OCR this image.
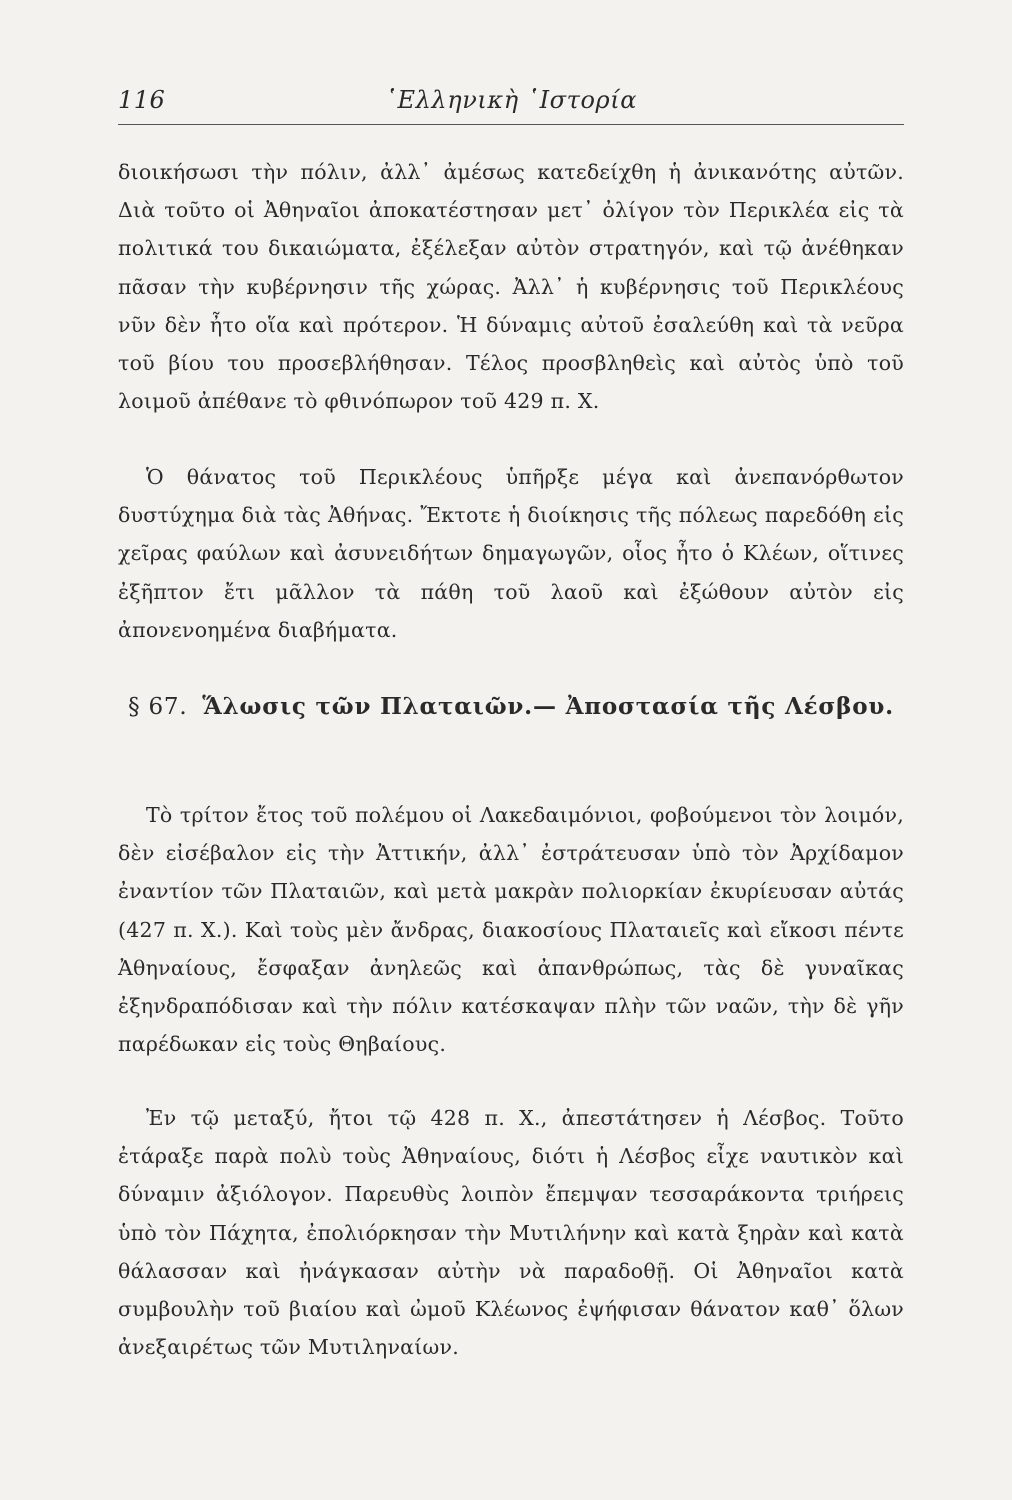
116	῾Ελληνικὴ ῾Ιστορία

διοικήσωσι τὴν πόλιν, ἀλλ᾽ ἀμέσως κατεδείχθη ἡ ἀνικανότης αὐτῶν. Διὰ τοῦτο οἱ Ἀθηναῖοι ἀποκατέστησαν μετ᾽ ὀλίγον τὸν Περικλέα εἰς τὰ πολιτικά του δικαιώματα, ἐξέλεξαν αὐτὸν στρατηγόν, καὶ τῷ ἀνέθηκαν πᾶσαν τὴν κυβέρνησιν τῆς χώρας. Ἀλλ᾽ ἡ κυβέρνησις τοῦ Περικλέους νῦν δὲν ἦτο οἵα καὶ πρότερον. Ἡ δύναμις αὐτοῦ ἐσαλεύθη καὶ τὰ νεῦρα τοῦ βίου του προσεβλήθησαν. Τέλος προσβληθεὶς καὶ αὐτὸς ὑπὸ τοῦ λοιμοῦ ἀπέθανε τὸ φθινόπωρον τοῦ 429 π. Χ.

Ὁ θάνατος τοῦ Περικλέους ὑπῆρξε μέγα καὶ ἀνεπανόρθωτον δυστύχημα διὰ τὰς Ἀθήνας. Ἔκτοτε ἡ διοίκησις τῆς πόλεως παρεδόθη εἰς χεῖρας φαύλων καὶ ἀσυνειδήτων δημαγωγῶν, οἷος ἦτο ὁ Κλέων, οἵτινες ἐξῆπτον ἔτι μᾶλλον τὰ πάθη τοῦ λαοῦ καὶ ἐξώθουν αὐτὸν εἰς ἀπονενοημένα διαβήματα.

§ 67. Ἅλωσις τῶν Πλαταιῶν.— Ἀποστασία τῆς Λέσβου.

Τὸ τρίτον ἔτος τοῦ πολέμου οἱ Λακεδαιμόνιοι, φοβούμενοι τὸν λοιμόν, δὲν εἰσέβαλον εἰς τὴν Ἀττικήν, ἀλλ᾽ ἐστράτευσαν ὑπὸ τὸν Ἀρχίδαμον ἐναντίον τῶν Πλαταιῶν, καὶ μετὰ μακρὰν πολιορκίαν ἐκυρίευσαν αὐτάς (427 π. Χ.). Καὶ τοὺς μὲν ἄνδρας, διακοσίους Πλαταιεῖς καὶ εἴκοσι πέντε Ἀθηναίους, ἔσφαξαν ἀνηλεῶς καὶ ἀπανθρώπως, τὰς δὲ γυναῖκας ἐξηνδραπόδισαν καὶ τὴν πόλιν κατέσκαψαν πλὴν τῶν ναῶν, τὴν δὲ γῆν παρέδωκαν εἰς τοὺς Θηβαίους.

Ἐν τῷ μεταξύ, ἤτοι τῷ 428 π. Χ., ἀπεστάτησεν ἡ Λέσβος. Τοῦτο ἐτάραξε παρὰ πολὺ τοὺς Ἀθηναίους, διότι ἡ Λέσβος εἶχε ναυτικὸν καὶ δύναμιν ἀξιόλογον. Παρευθὺς λοιπὸν ἔπεμψαν τεσσαράκοντα τριήρεις ὑπὸ τὸν Πάχητα, ἐπολιόρκησαν τὴν Μυτιλήνην καὶ κατὰ ξηρὰν καὶ κατὰ θάλασσαν καὶ ἠνάγκασαν αὐτὴν νὰ παραδοθῇ. Οἱ Ἀθηναῖοι κατὰ συμβουλὴν τοῦ βιαίου καὶ ὠμοῦ Κλέωνος ἐψήφισαν θάνατον καθ᾽ ὅλων ἀνεξαιρέτως τῶν Μυτιληναίων.
